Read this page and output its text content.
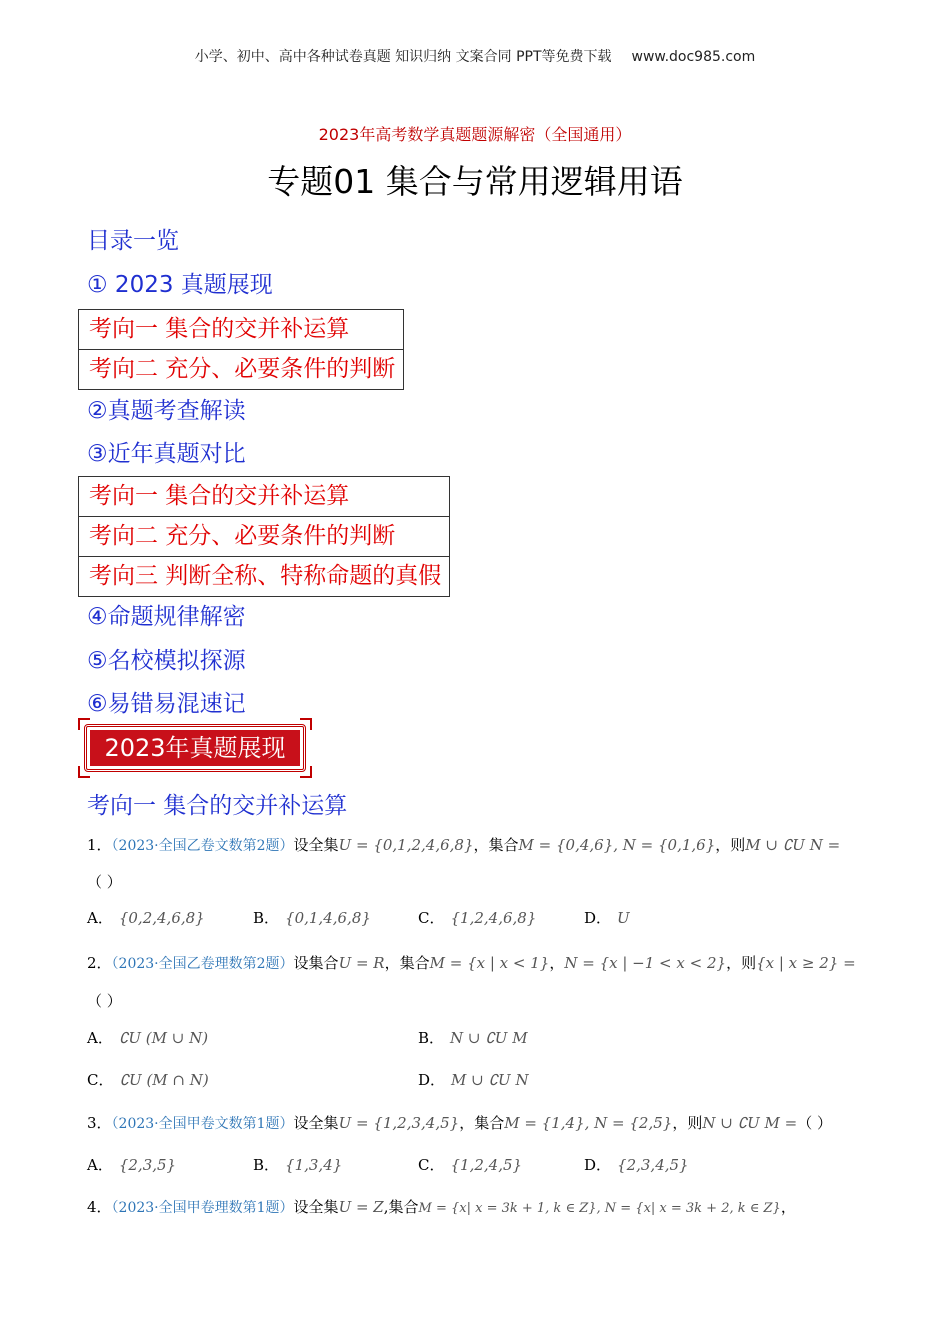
小学、初中、高中各种试卷真题 知识归纳 文案合同 PPT等免费下载 www.doc985.com
2023年高考数学真题题源解密（全国通用）
专题01 集合与常用逻辑用语
目录一览
① 2023 真题展现
考向一 集合的交并补运算
考向二 充分、必要条件的判断
②真题考查解读
③近年真题对比
考向一 集合的交并补运算
考向二 充分、必要条件的判断
考向三 判断全称、特称命题的真假
④命题规律解密
⑤名校模拟探源
⑥易错易混速记
2023年真题展现
考向一 集合的交并补运算
1．（2023·全国乙卷文数第2题）设全集U = {0,1,2,4,6,8}，集合M = {0,4,6}, N = {0,1,6}，则M ∪ ∁U N =
（ ）
A． {0,2,4,6,8}	B． {0,1,4,6,8}	C． {1,2,4,6,8}	D． U
2．（2023·全国乙卷理数第2题）设集合U = R，集合M = {x | x < 1}，N = {x | −1 < x < 2}，则{x | x ≥ 2} =
（ ）
A． ∁U (M ∪ N)	B． N ∪ ∁U M
C． ∁U (M ∩ N)	D． M ∪ ∁U N
3．（2023·全国甲卷文数第1题）设全集U = {1,2,3,4,5}，集合M = {1,4}, N = {2,5}，则N ∪ ∁U M =（ ）
A． {2,3,5}	B． {1,3,4}	C． {1,2,4,5}	D． {2,3,4,5}
4．（2023·全国甲卷理数第1题）设全集U = Z,集合M = {x| x = 3k + 1, k ∈ Z}, N = {x| x = 3k + 2, k ∈ Z}，
